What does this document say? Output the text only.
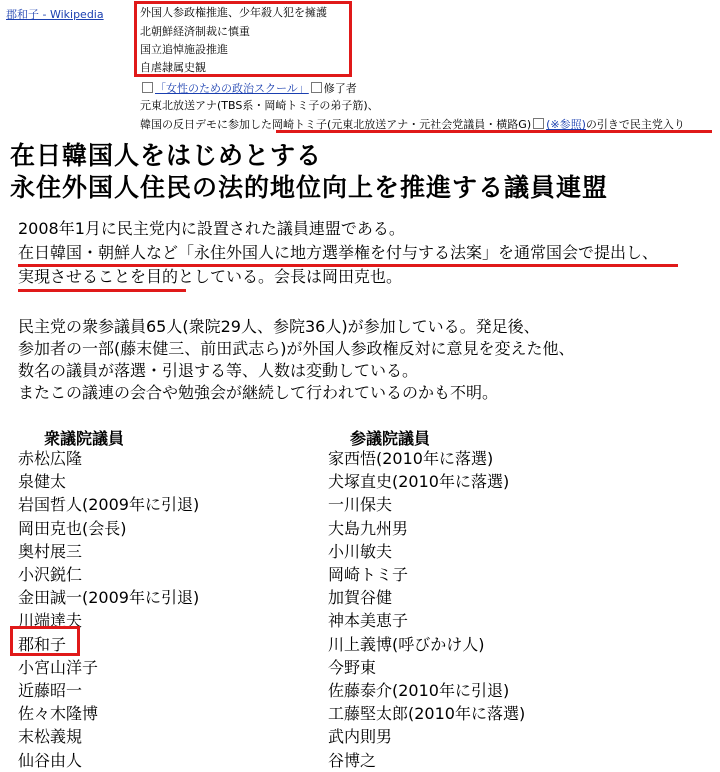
郡和子 - Wikipedia	外国人参政権推進、少年殺人犯を擁護
北朝鮮経済制裁に慎重
国立追悼施設推進
自虐隷属史観
「女性のための政治スクール」 修了者
元東北放送アナ(TBS系・岡崎トミ子の弟子筋)、
韓国の反日デモに参加した岡崎トミ子(元東北放送アナ・元社会党議員・横路G) (※参照)の引きで民主党入り
在日韓国人をはじめとする
永住外国人住民の法的地位向上を推進する議員連盟
2008年1月に民主党内に設置された議員連盟である。
在日韓国・朝鮮人など「永住外国人に地方選挙権を付与する法案」を通常国会で提出し、
実現させることを目的としている。会長は岡田克也。
民主党の衆参議員65人(衆院29人、参院36人)が参加している。発足後、
参加者の一部(藤末健三、前田武志ら)が外国人参政権反対に意見を変えた他、
数名の議員が落選・引退する等、人数は変動している。
またこの議連の会合や勉強会が継続して行われているのかも不明。
衆議院議員	参議院議員
赤松広隆
泉健太
岩国哲人(2009年に引退)
岡田克也(会長)
奥村展三
小沢鋭仁
金田誠一(2009年に引退)
川端達夫
郡和子
小宮山洋子
近藤昭一
佐々木隆博
末松義規
仙谷由人
家西悟(2010年に落選)
犬塚直史(2010年に落選)
一川保夫
大島九州男
小川敏夫
岡崎トミ子
加賀谷健
神本美恵子
川上義博(呼びかけ人)
今野東
佐藤泰介(2010年に引退)
工藤堅太郎(2010年に落選)
武内則男
谷博之
